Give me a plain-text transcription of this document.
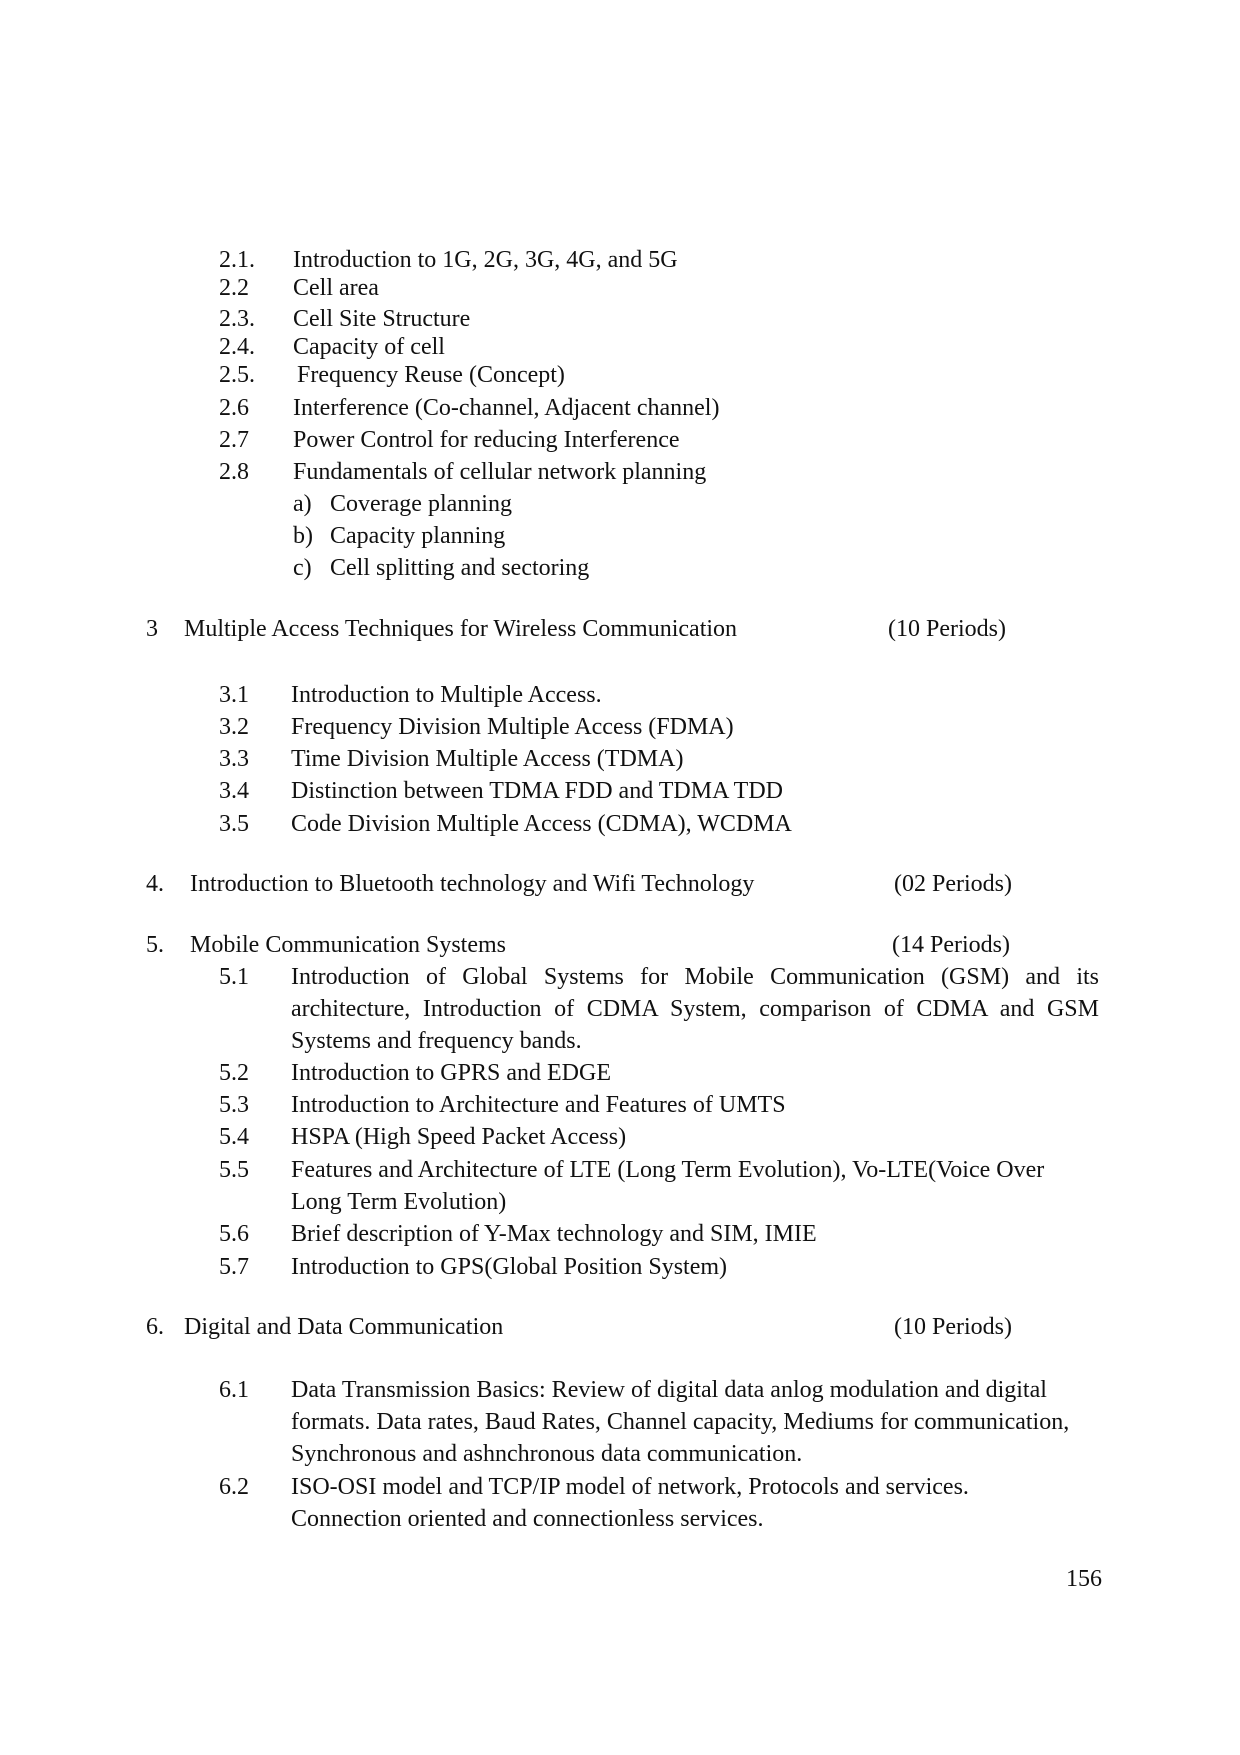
2.1. Introduction to 1G, 2G, 3G, 4G, and 5G
2.2 Cell area
2.3. Cell Site Structure
2.4. Capacity of cell
2.5. Frequency Reuse (Concept)
2.6 Interference (Co-channel, Adjacent channel)
2.7 Power Control for reducing Interference
2.8 Fundamentals of cellular network planning
a) Coverage planning
b) Capacity planning
c) Cell splitting and sectoring
3 Multiple Access Techniques for Wireless Communication	(10 Periods)
3.1 Introduction to Multiple Access.
3.2 Frequency Division Multiple Access (FDMA)
3.3 Time Division Multiple Access (TDMA)
3.4 Distinction between TDMA FDD and TDMA TDD
3.5 Code Division Multiple Access (CDMA), WCDMA
4. Introduction to Bluetooth technology and Wifi Technology	(02 Periods)
5. Mobile Communication Systems	(14 Periods)
5.1 Introduction of Global Systems for Mobile Communication (GSM) and its
architecture, Introduction of CDMA System, comparison of CDMA and GSM
Systems and frequency bands.
5.2 Introduction to GPRS and EDGE
5.3 Introduction to Architecture and Features of UMTS
5.4 HSPA (High Speed Packet Access)
5.5 Features and Architecture of LTE (Long Term Evolution), Vo-LTE(Voice Over
Long Term Evolution)
5.6 Brief description of Y-Max technology and SIM, IMIE
5.7 Introduction to GPS(Global Position System)
6. Digital and Data Communication	(10 Periods)
6.1 Data Transmission Basics: Review of digital data anlog modulation and digital
formats. Data rates, Baud Rates, Channel capacity, Mediums for communication,
Synchronous and ashnchronous data communication.
6.2 ISO-OSI model and TCP/IP model of network, Protocols and services.
Connection oriented and connectionless services.
156
